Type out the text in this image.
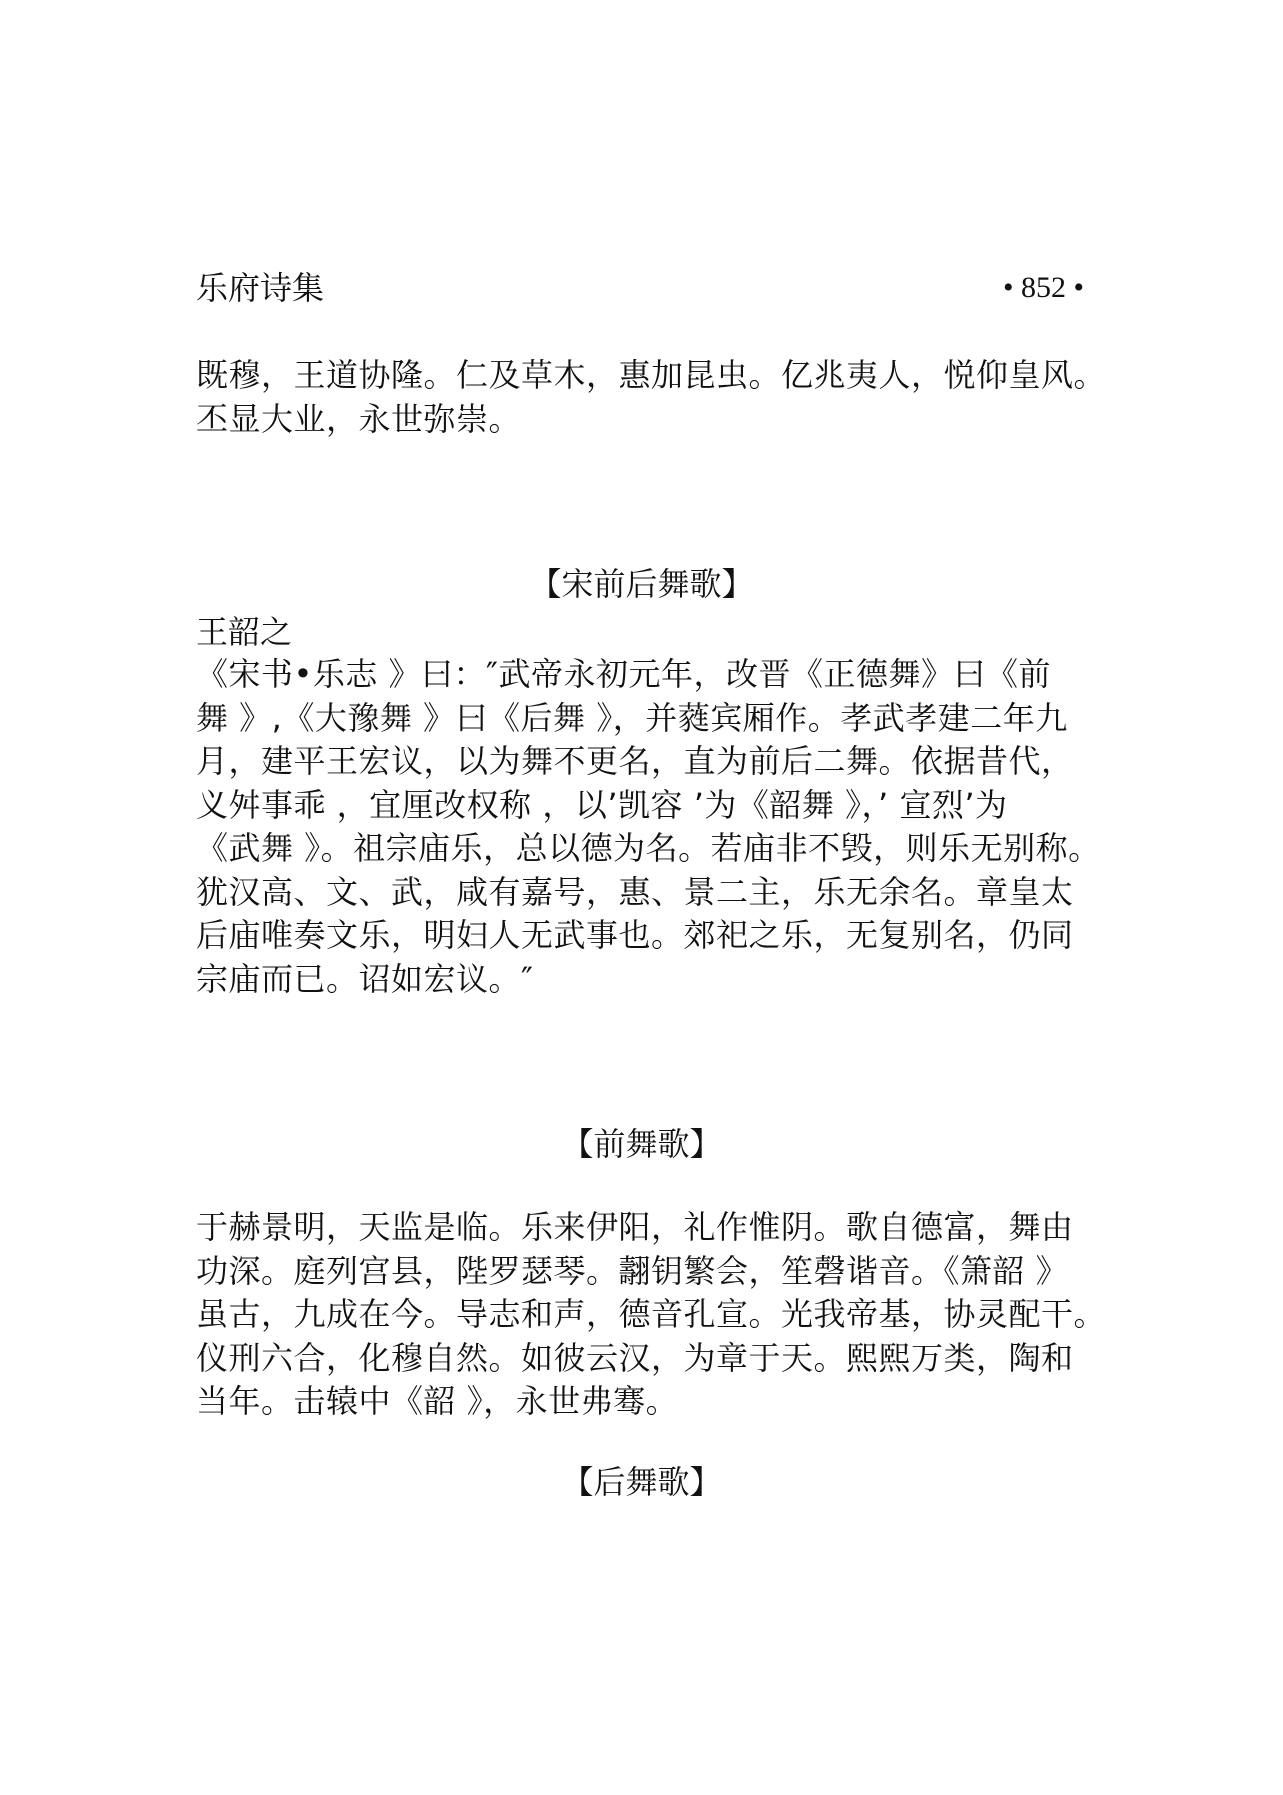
乐府诗集	• 852 •
既穆，王道协隆。仁及草木，惠加昆虫。亿兆夷人，悦仰皇风。
丕显大业，永世弥崇。
【宋前后舞歌】
王韶之
《宋书•乐志 》曰：″武帝永初元年，改晋《正德舞》曰《前
舞 》,《大豫舞 》曰《后舞 》，并蕤宾厢作。孝武孝建二年九
月，建平王宏议，以为舞不更名，直为前后二舞。依据昔代，
义舛事乖 ，宜厘改权称 ，以’凯容 ’为《韶舞 》，’ 宣烈’为
《武舞 》。祖宗庙乐，总以德为名。若庙非不毁，则乐无别称。
犹汉高、文、武，咸有嘉号，惠、景二主，乐无余名。章皇太
后庙唯奏文乐，明妇人无武事也。郊祀之乐，无复别名，仍同
宗庙而已。诏如宏议。″
【前舞歌】
于赫景明，天监是临。乐来伊阳，礼作惟阴。歌自德富，舞由
功深。庭列宫县，陛罗瑟琴。翿钥繁会，笙磬谐音。《箫韶 》
虽古，九成在今。导志和声，德音孔宣。光我帝基，协灵配干。
仪刑六合，化穆自然。如彼云汉，为章于天。熙熙万类，陶和
当年。击辕中《韶 》，永世弗骞。
【后舞歌】
